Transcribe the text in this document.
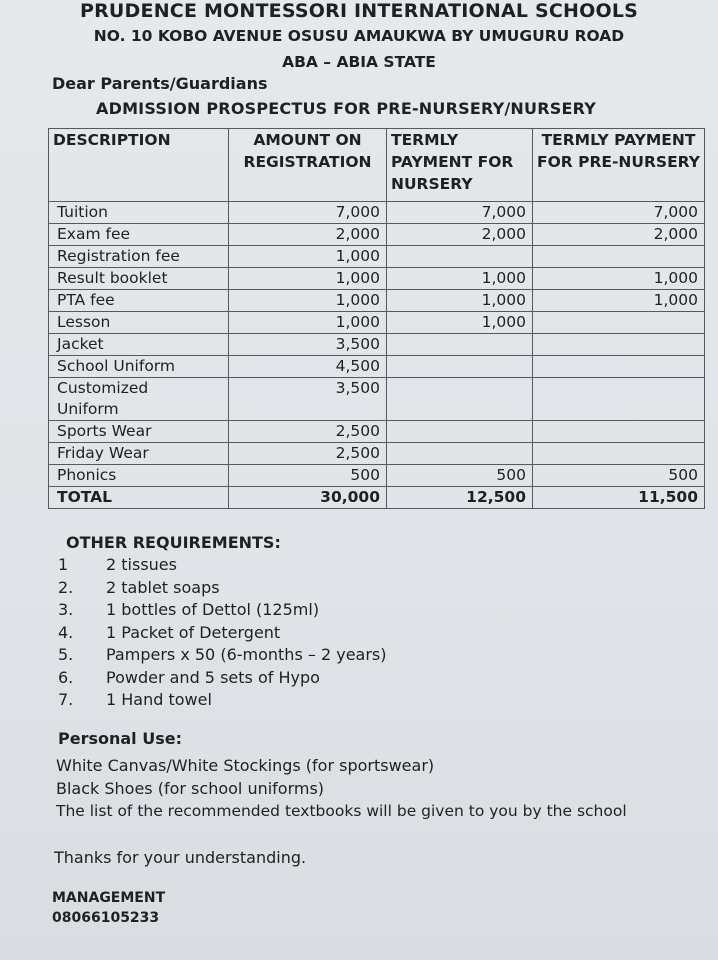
PRUDENCE MONTESSORI INTERNATIONAL SCHOOLS
NO. 10 KOBO AVENUE OSUSU AMAUKWA BY UMUGURU ROAD
ABA – ABIA STATE
Dear Parents/Guardians
ADMISSION PROSPECTUS FOR PRE-NURSERY/NURSERY
DESCRIPTION	AMOUNT ON REGISTRATION	TERMLY PAYMENT FOR NURSERY	TERMLY PAYMENT FOR PRE-NURSERY
Tuition	7,000	7,000	7,000
Exam fee	2,000	2,000	2,000
Registration fee	1,000		
Result booklet	1,000	1,000	1,000
PTA fee	1,000	1,000	1,000
Lesson	1,000	1,000	
Jacket	3,500		
School Uniform	4,500		
Customized Uniform	3,500		
Sports Wear	2,500		
Friday Wear	2,500		
Phonics	500	500	500
TOTAL	30,000	12,500	11,500
OTHER REQUIREMENTS:
1 2 tissues
2. 2 tablet soaps
3. 1 bottles of Dettol (125ml)
4. 1 Packet of Detergent
5. Pampers x 50 (6-months – 2 years)
6. Powder and 5 sets of Hypo
7. 1 Hand towel
Personal Use:
White Canvas/White Stockings (for sportswear)
Black Shoes (for school uniforms)
The list of the recommended textbooks will be given to you by the school
Thanks for your understanding.
MANAGEMENT
08066105233
